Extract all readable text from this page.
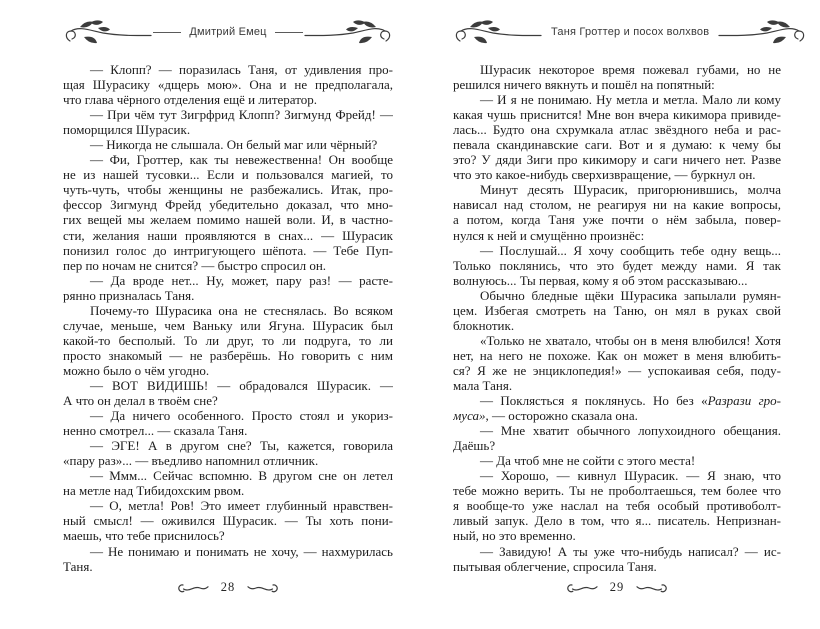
Дмитрий Емец
— Клопп? — поразилась Таня, от удивления про-
щая Шурасику «дщерь мою». Она и не предполагала,
что глава чёрного отделения ещё и литератор.
— При чём тут Зигрфрид Клопп? Зигмунд Фрейд! —
поморщился Шурасик.
— Никогда не слышала. Он белый маг или чёрный?
— Фи, Гроттер, как ты невежественна! Он вообще
не из нашей тусовки... Если и пользовался магией, то
чуть-чуть, чтобы женщины не разбежались. Итак, про-
фессор Зигмунд Фрейд убедительно доказал, что мно-
гих вещей мы желаем помимо нашей воли. И, в частно-
сти, желания наши проявляются в снах... — Шурасик
понизил голос до интригующего шёпота. — Тебе Пуп-
пер по ночам не снится? — быстро спросил он.
— Да вроде нет... Ну, может, пару раз! — расте-
рянно призналась Таня.
Почему-то Шурасика она не стеснялась. Во всяком
случае, меньше, чем Ваньку или Ягуна. Шурасик был
какой-то бесполый. То ли друг, то ли подруга, то ли
просто знакомый — не разберёшь. Но говорить с ним
можно было о чём угодно.
— ВОТ ВИДИШЬ! — обрадовался Шурасик. —
А что он делал в твоём сне?
— Да ничего особенного. Просто стоял и укориз-
ненно смотрел... — сказала Таня.
— ЭГЕ! А в другом сне? Ты, кажется, говорила
«пару раз»... — въедливо напомнил отличник.
— Ммм... Сейчас вспомню. В другом сне он летел
на метле над Тибидохским рвом.
— О, метла! Ров! Это имеет глубинный нравствен-
ный смысл! — оживился Шурасик. — Ты хоть пони-
маешь, что тебе приснилось?
— Не понимаю и понимать не хочу, — нахмурилась
Таня.
28
Таня Гроттер и посох волхвов
Шурасик некоторое время пожевал губами, но не
решился ничего вякнуть и пошёл на попятный:
— И я не понимаю. Ну метла и метла. Мало ли кому
какая чушь приснится! Мне вон вчера кикимора привиде-
лась... Будто она схрумкала атлас звёздного неба и рас-
певала скандинавские саги. Вот и я думаю: к чему бы
это? У дяди Зиги про кикимору и саги ничего нет. Разве
что это какое-нибудь сверхизвращение, — буркнул он.
Минут десять Шурасик, пригорюнившись, молча
нависал над столом, не реагируя ни на какие вопросы,
а потом, когда Таня уже почти о нём забыла, повер-
нулся к ней и смущённо произнёс:
— Послушай... Я хочу сообщить тебе одну вещь...
Только поклянись, что это будет между нами. Я так
волнуюсь... Ты первая, кому я об этом рассказываю...
Обычно бледные щёки Шурасика запылали румян-
цем. Избегая смотреть на Таню, он мял в руках свой
блокнотик.
«Только не хватало, чтобы он в меня влюбился! Хотя
нет, на него не похоже. Как он может в меня влюбить-
ся? Я же не энциклопедия!» — успокаивая себя, поду-
мала Таня.
— Поклясться я поклянусь. Но без «Разрази гро-
муса», — осторожно сказала она.
— Мне хватит обычного лопухоидного обещания.
Даёшь?
— Да чтоб мне не сойти с этого места!
— Хорошо, — кивнул Шурасик. — Я знаю, что
тебе можно верить. Ты не проболтаешься, тем более что
я вообще-то уже наслал на тебя особый противоболт-
ливый запук. Дело в том, что я... писатель. Непризнан-
ный, но это временно.
— Завидую! А ты уже что-нибудь написал? — ис-
пытывая облегчение, спросила Таня.
29
